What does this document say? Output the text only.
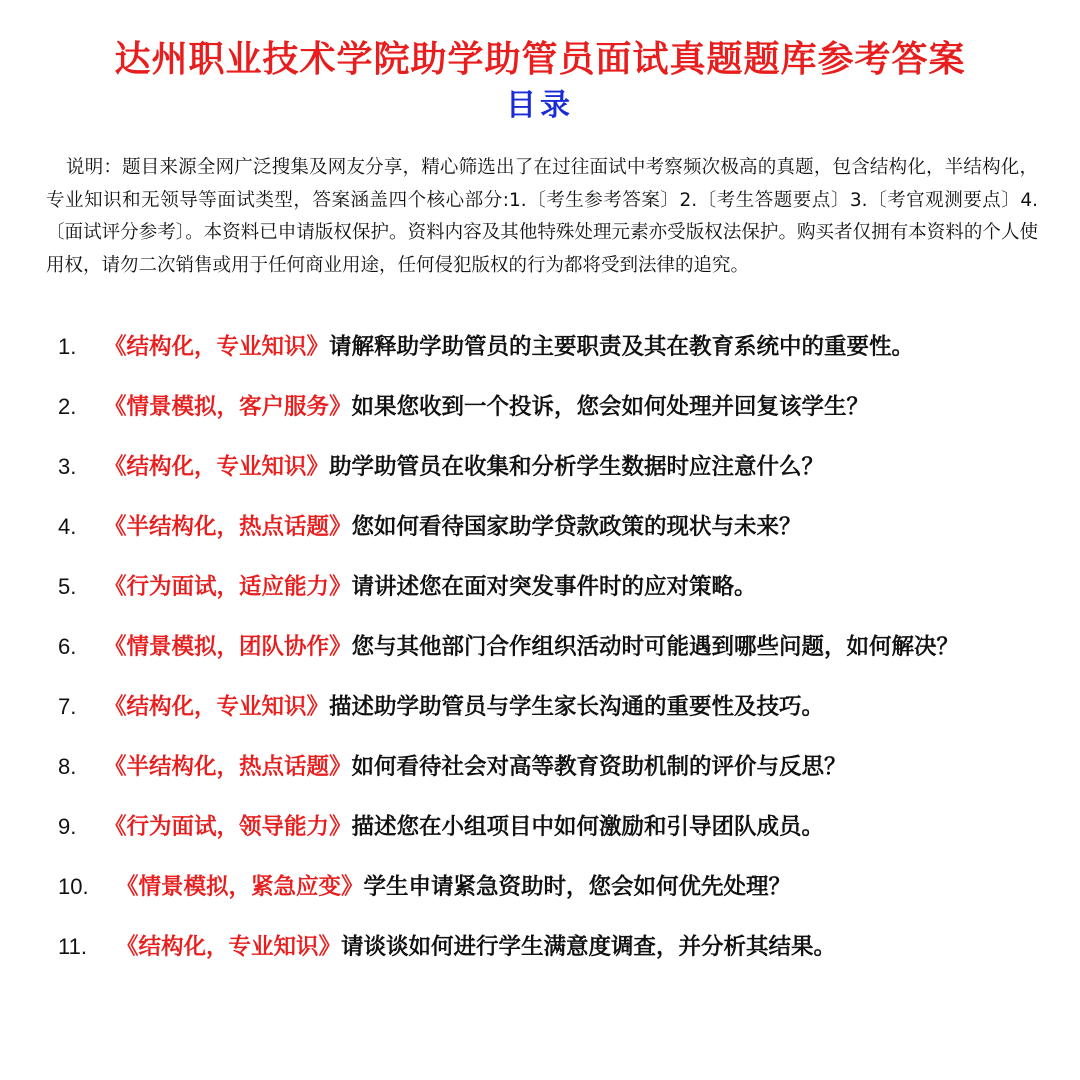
达州职业技术学院助学助管员面试真题题库参考答案
目录

说明：题目来源全网广泛搜集及网友分享，精心筛选出了在过往面试中考察频次极高的真题，包含结构化，半结构化，专业知识和无领导等面试类型，答案涵盖四个核心部分:1.〔考生参考答案〕2.〔考生答题要点〕3.〔考官观测要点〕4.〔面试评分参考〕。本资料已申请版权保护。资料内容及其他特殊处理元素亦受版权法保护。购买者仅拥有本资料的个人使用权，请勿二次销售或用于任何商业用途，任何侵犯版权的行为都将受到法律的追究。

1. 《结构化，专业知识》请解释助学助管员的主要职责及其在教育系统中的重要性。
2. 《情景模拟，客户服务》如果您收到一个投诉，您会如何处理并回复该学生？
3. 《结构化，专业知识》助学助管员在收集和分析学生数据时应注意什么？
4. 《半结构化，热点话题》您如何看待国家助学贷款政策的现状与未来？
5. 《行为面试，适应能力》请讲述您在面对突发事件时的应对策略。
6. 《情景模拟，团队协作》您与其他部门合作组织活动时可能遇到哪些问题，如何解决？
7. 《结构化，专业知识》描述助学助管员与学生家长沟通的重要性及技巧。
8. 《半结构化，热点话题》如何看待社会对高等教育资助机制的评价与反思？
9. 《行为面试，领导能力》描述您在小组项目中如何激励和引导团队成员。
10. 《情景模拟，紧急应变》学生申请紧急资助时，您会如何优先处理？
11. 《结构化，专业知识》请谈谈如何进行学生满意度调查，并分析其结果。
